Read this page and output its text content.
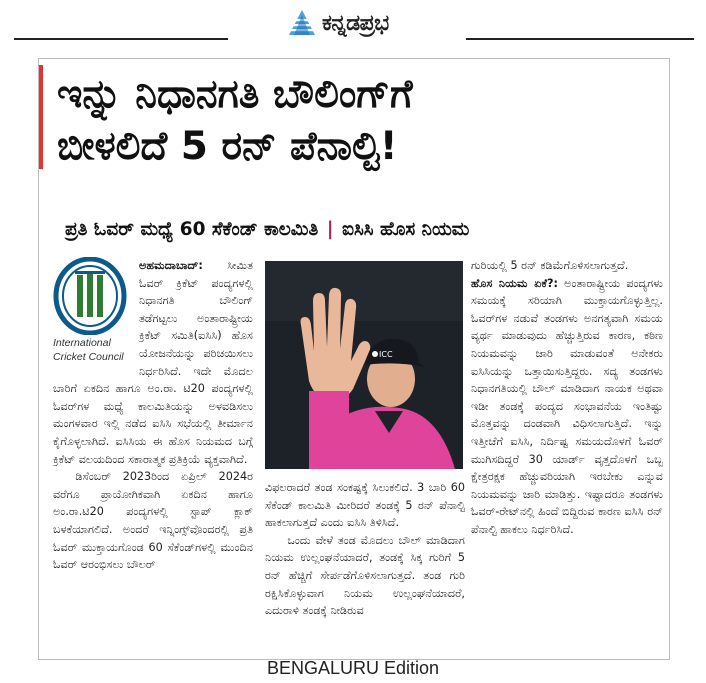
ಕನ್ನಡಪ್ರಭ
ಇನ್ನು ನಿಧಾನಗತಿ ಬೌಲಿಂಗ್‌ಗೆ
ಬೀಳಲಿದೆ 5 ರನ್ ಪೆನಾಲ್ಟಿ!
ಪ್ರತಿ ಓವರ್ ಮಧ್ಯೆ 60 ಸೆಕೆಂಡ್ ಕಾಲಮಿತಿ | ಐಸಿಸಿ ಹೊಸ ನಿಯಮ
International
Cricket Council

ಅಹಮದಾಬಾದ್: ಸೀಮಿತ ಓವರ್ ಕ್ರಿಕೆಟ್ ಪಂದ್ಯಗಳಲ್ಲಿ ನಿಧಾನಗತಿ ಬೌಲಿಂಗ್ ತಡೆಗಟ್ಟಲು ಅಂತಾರಾಷ್ಟ್ರೀಯ ಕ್ರಿಕೆಟ್ ಸಮಿತಿ(ಐಸಿಸಿ) ಹೊಸ ಯೋಜನೆಯನ್ನು ಪರಿಚಯಿಸಲು ನಿರ್ಧರಿಸಿದೆ. ಇದೇ ಮೊದಲ ಬಾರಿಗೆ ಏಕದಿನ ಹಾಗೂ ಅಂ.ರಾ. ಟಿ20 ಪಂದ್ಯಗಳಲ್ಲಿ ಓವರ್‌ಗಳ ಮಧ್ಯೆ ಕಾಲಮಿತಿಯನ್ನು ಅಳವಡಿಸಲು ಮಂಗಳವಾರ ಇಲ್ಲಿ ನಡೆದ ಐಸಿಸಿ ಸಭೆಯಲ್ಲಿ ತೀರ್ಮಾನ ಕೈಗೊಳ್ಳಲಾಗಿದೆ. ಐಸಿಸಿಯ ಈ ಹೊಸ ನಿಯಮದ ಬಗ್ಗೆ ಕ್ರಿಕೆಟ್ ವಲಯದಿಂದ ಸಕಾರಾತ್ಮಕ ಪ್ರತಿಕ್ರಿಯೆ ವ್ಯಕ್ತವಾಗಿದೆ.

ಡಿಸೆಂಬರ್ 2023ರಿಂದ ಏಪ್ರಿಲ್ 2024ರ ವರೆಗೂ ಪ್ರಾಯೋಗಿಕವಾಗಿ ಏಕದಿನ ಹಾಗೂ ಅಂ.ರಾ.ಟಿ20 ಪಂದ್ಯಗಳಲ್ಲಿ ಸ್ಟಾಪ್ ಕ್ಲಾಕ್ ಬಳಕೆಯಾಗಲಿದೆ. ಅಂದರೆ ಇನ್ನಿಂಗ್ಸ್‌ವೊಂದರಲ್ಲಿ ಪ್ರತಿ ಓವರ್ ಮುಕ್ತಾಯಗೊಂಡ 60 ಸೆಕೆಂಡ್‌ಗಳಲ್ಲಿ ಮುಂದಿನ ಓವರ್ ಆರಂಭಿಸಲು ಬೌಲರ್

ICC

ವಿಫಲರಾದರೆ ತಂಡ ಸಂಕಷ್ಟಕ್ಕೆ ಸಿಲುಕಲಿದೆ. 3 ಬಾರಿ 60 ಸೆಕೆಂಡ್ ಕಾಲಮಿತಿ ಮೀರಿದರೆ ತಂಡಕ್ಕೆ 5 ರನ್ ಪೆನಾಲ್ಟಿ ಹಾಕಲಾಗುತ್ತದೆ ಎಂದು ಐಸಿಸಿ ತಿಳಿಸಿದೆ.

ಒಂದು ವೇಳೆ ತಂಡ ಮೊದಲು ಬೌಲ್ ಮಾಡಿದಾಗ ನಿಯಮ ಉಲ್ಲಂಘನೆಯಾದರೆ, ತಂಡಕ್ಕೆ ಸಿಕ್ಕ ಗುರಿಗೆ 5 ರನ್ ಹೆಚ್ಚಿಗೆ ಸೇರ್ಪಡೆಗೊಳಿಸಲಾಗುತ್ತದೆ. ತಂಡ ಗುರಿ ರಕ್ಷಿಸಿಕೊಳ್ಳುವಾಗ ನಿಯಮ ಉಲ್ಲಂಘನೆಯಾದರೆ, ಎದುರಾಳಿ ತಂಡಕ್ಕೆ ನೀಡಿರುವ

ಗುರಿಯಲ್ಲಿ 5 ರನ್ ಕಡಿಮೆಗೊಳಿಸಲಾಗುತ್ತದೆ.

ಹೊಸ ನಿಯಮ ಏಕೆ?: ಅಂತಾರಾಷ್ಟ್ರೀಯ ಪಂದ್ಯಗಳು ಸಮಯಕ್ಕೆ ಸರಿಯಾಗಿ ಮುಕ್ತಾಯಗೊಳ್ಳುತ್ತಿಲ್ಲ. ಓವರ್‌ಗಳ ನಡುವೆ ತಂಡಗಳು ಅನಗತ್ಯವಾಗಿ ಸಮಯ ವ್ಯರ್ಥ ಮಾಡುವುದು ಹೆಚ್ಚುತ್ತಿರುವ ಕಾರಣ, ಕಠಿಣ ನಿಯಮವನ್ನು ಜಾರಿ ಮಾಡುವಂತೆ ಅನೇಕರು ಐಸಿಸಿಯನ್ನು ಒತ್ತಾಯಿಸುತ್ತಿದ್ದರು. ಸದ್ಯ ತಂಡಗಳು ನಿಧಾನಗತಿಯಲ್ಲಿ ಬೌಲ್ ಮಾಡಿದಾಗ ನಾಯಕ ಅಥವಾ ಇಡೀ ತಂಡಕ್ಕೆ ಪಂದ್ಯದ ಸಂಭಾವನೆಯ ಇಂತಿಷ್ಟು ಮೊತ್ತವನ್ನು ದಂಡವಾಗಿ ವಿಧಿಸಲಾಗುತ್ತಿದೆ. ಇನ್ನು ಇತ್ತೀಚೆಗೆ ಐಸಿಸಿ, ನಿರ್ದಿಷ್ಟ ಸಮಯದೊಳಗೆ ಓವರ್ ಮುಗಿಸದಿದ್ದರೆ 30 ಯಾರ್ಡ್ ವೃತ್ತದೊಳಗೆ ಒಬ್ಬ ಕ್ಷೇತ್ರರಕ್ಷಕ ಹೆಚ್ಚುವರಿಯಾಗಿ ಇರಬೇಕು ಎನ್ನುವ ನಿಯಮವನ್ನು ಜಾರಿ ಮಾಡಿತ್ತು. ಇಷ್ಟಾದರೂ ತಂಡಗಳು ಓವರ್-ರೇಟ್‌ನಲ್ಲಿ ಹಿಂದೆ ಬಿದ್ದಿರುವ ಕಾರಣ ಐಸಿಸಿ ರನ್ ಪೆನಾಲ್ಟಿ ಹಾಕಲು ನಿರ್ಧರಿಸಿದೆ.

BENGALURU Edition
